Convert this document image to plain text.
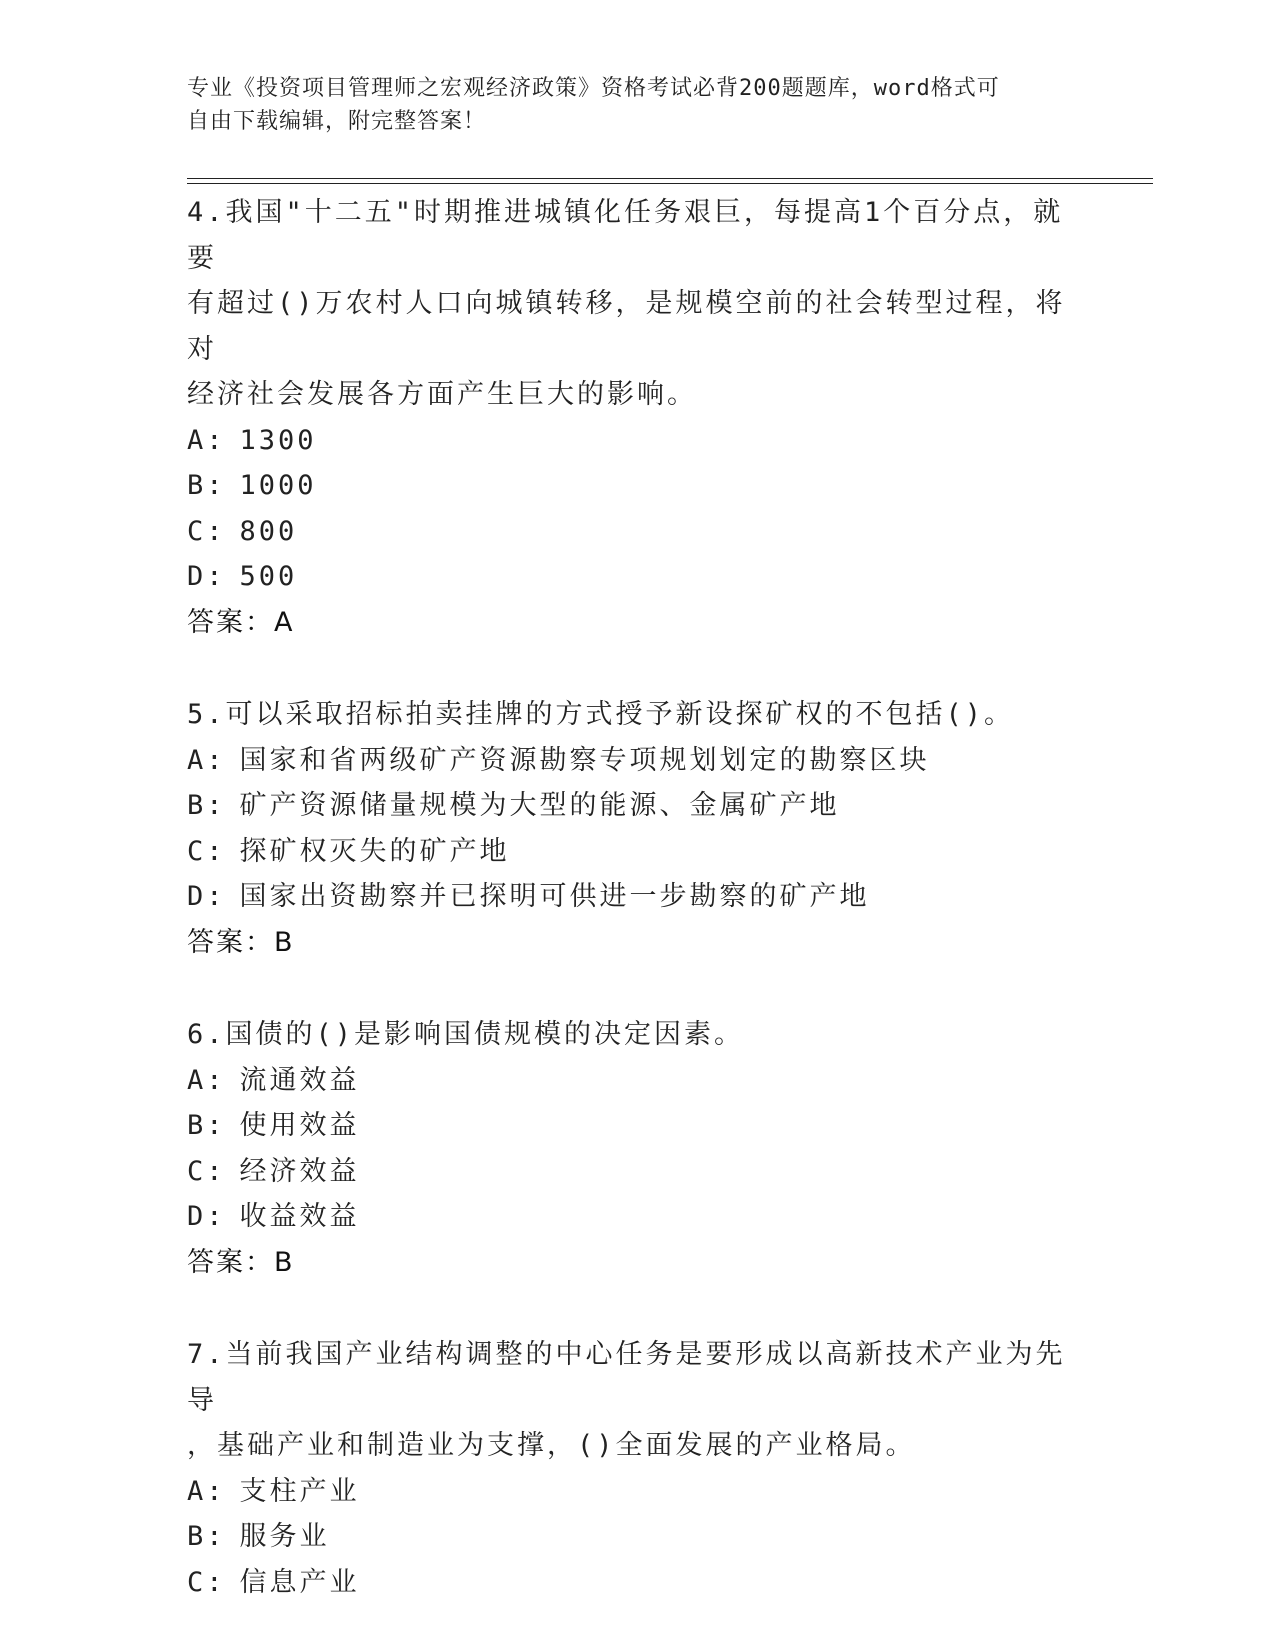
专业《投资项目管理师之宏观经济政策》资格考试必背200题题库，word格式可
自由下载编辑，附完整答案！

4.我国"十二五"时期推进城镇化任务艰巨，每提高1个百分点，就要
有超过()万农村人口向城镇转移，是规模空前的社会转型过程，将对
经济社会发展各方面产生巨大的影响。

A: 1300

B: 1000

C: 800

D: 500

答案：A

5.可以采取招标拍卖挂牌的方式授予新设探矿权的不包括()。

A: 国家和省两级矿产资源勘察专项规划划定的勘察区块

B: 矿产资源储量规模为大型的能源、金属矿产地

C: 探矿权灭失的矿产地

D: 国家出资勘察并已探明可供进一步勘察的矿产地

答案：B

6.国债的()是影响国债规模的决定因素。

A: 流通效益

B: 使用效益

C: 经济效益

D: 收益效益

答案：B

7.当前我国产业结构调整的中心任务是要形成以高新技术产业为先导
，基础产业和制造业为支撑，()全面发展的产业格局。

A: 支柱产业

B: 服务业

C: 信息产业
